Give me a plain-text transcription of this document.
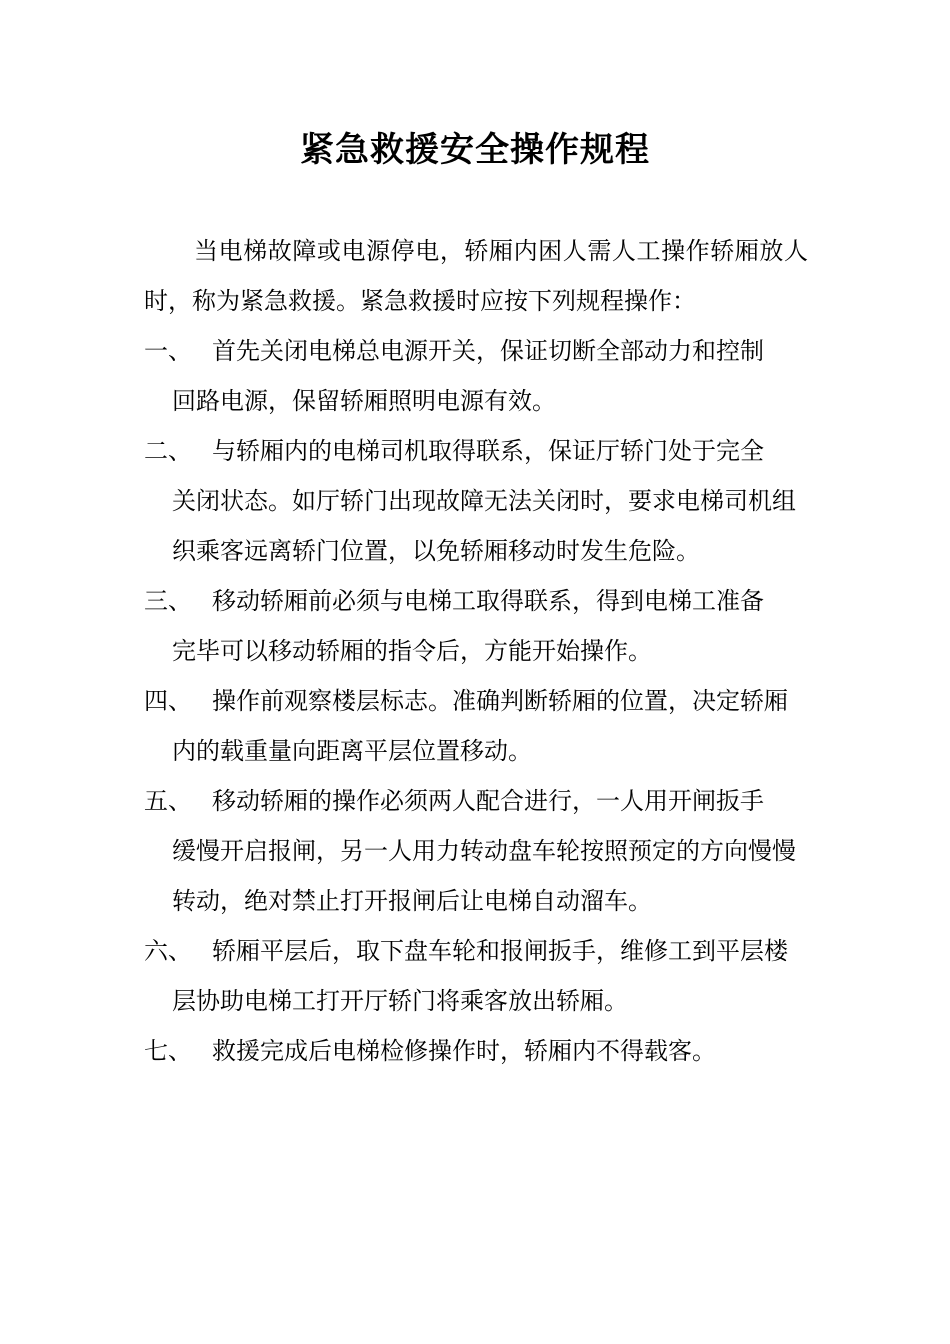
紧急救援安全操作规程

当电梯故障或电源停电，轿厢内困人需人工操作轿厢放人时，称为紧急救援。紧急救援时应按下列规程操作：

一、 首先关闭电梯总电源开关，保证切断全部动力和控制
回路电源，保留轿厢照明电源有效。
二、 与轿厢内的电梯司机取得联系，保证厅轿门处于完全
关闭状态。如厅轿门出现故障无法关闭时，要求电梯司机组织乘客远离轿门位置，以免轿厢移动时发生危险。
三、 移动轿厢前必须与电梯工取得联系，得到电梯工准备
完毕可以移动轿厢的指令后，方能开始操作。
四、 操作前观察楼层标志。准确判断轿厢的位置，决定轿厢
内的载重量向距离平层位置移动。
五、 移动轿厢的操作必须两人配合进行，一人用开闸扳手
缓慢开启报闸，另一人用力转动盘车轮按照预定的方向慢慢转动，绝对禁止打开报闸后让电梯自动溜车。
六、 轿厢平层后，取下盘车轮和报闸扳手，维修工到平层楼
层协助电梯工打开厅轿门将乘客放出轿厢。
七、 救援完成后电梯检修操作时，轿厢内不得载客。
